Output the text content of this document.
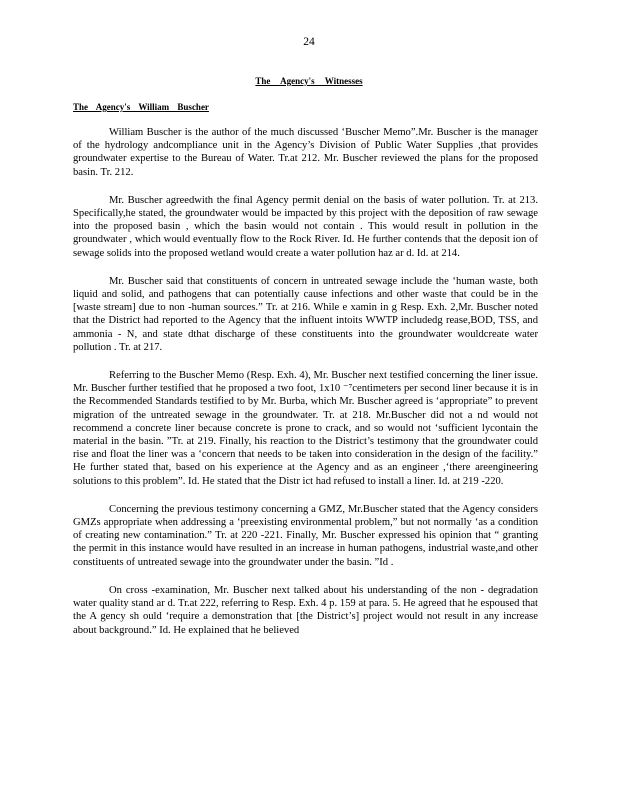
24
The Agency's Witnesses
The Agency's William Buscher

William Buscher is the author of the much discussed ‘Buscher Memo”.Mr. Buscher is the manager of the hydrology andcompliance unit in the Agency’s Division of Public Water Supplies ,that provides groundwater expertise to the Bureau of Water. Tr.at 212. Mr. Buscher reviewed the plans for the proposed basin. Tr. 212.

Mr. Buscher agreedwith the final Agency permit denial on the basis of water pollution. Tr. at 213. Specifically,he stated, the groundwater would be impacted by this project with the deposition of raw sewage into the proposed basin , which the basin would not contain . This would result in pollution in the groundwater , which would eventually flow to the Rock River. Id. He further contends that the deposit ion of sewage solids into the proposed wetland would create a water pollution haz ar d. Id. at 214.

Mr. Buscher said that constituents of concern in untreated sewage include the ‘human waste, both liquid and solid, and pathogens that can potentially cause infections and other waste that could be in the [waste stream] due to non -human sources.” Tr. at 216. While e xamin in g Resp. Exh. 2,Mr. Buscher noted that the District had reported to the Agency that the influent intoits WWTP includedg rease,BOD, TSS, and ammonia - N, and state dthat discharge of these constituents into the groundwater wouldcreate water pollution . Tr. at 217.

Referring to the Buscher Memo (Resp. Exh. 4), Mr. Buscher next testified concerning the liner issue. Mr. Buscher further testified that he proposed a two foot, 1x10 ⁻⁷centimeters per second liner because it is in the Recommended Standards testified to by Mr. Burba, which Mr. Buscher agreed is ‘appropriate” to prevent migration of the untreated sewage in the groundwater. Tr. at 218. Mr.Buscher did not a nd would not recommend a concrete liner because concrete is prone to crack, and so would not ‘sufficient lycontain the material in the basin. ”Tr. at 219. Finally, his reaction to the District’s testimony that the groundwater could rise and float the liner was a ‘concern that needs to be taken into consideration in the design of the facility.” He further stated that, based on his experience at the Agency and as an engineer ,‘there areengineering solutions to this problem”. Id. He stated that the Distr ict had refused to install a liner. Id. at 219 -220.

Concerning the previous testimony concerning a GMZ, Mr.Buscher stated that the Agency considers GMZs appropriate when addressing a ‘preexisting environmental problem,” but not normally ‘as a condition of creating new contamination.” Tr. at 220 -221. Finally, Mr. Buscher expressed his opinion that “ granting the permit in this instance would have resulted in an increase in human pathogens, industrial waste,and other constituents of untreated sewage into the groundwater under the basin. ”Id .

On cross -examination, Mr. Buscher next talked about his understanding of the non - degradation water quality stand ar d. Tr.at 222, referring to Resp. Exh. 4 p. 159 at para. 5. He agreed that he espoused that the A gency sh ould ‘require a demonstration that [the District’s] project would not result in any increase about background.” Id. He explained that he believed
